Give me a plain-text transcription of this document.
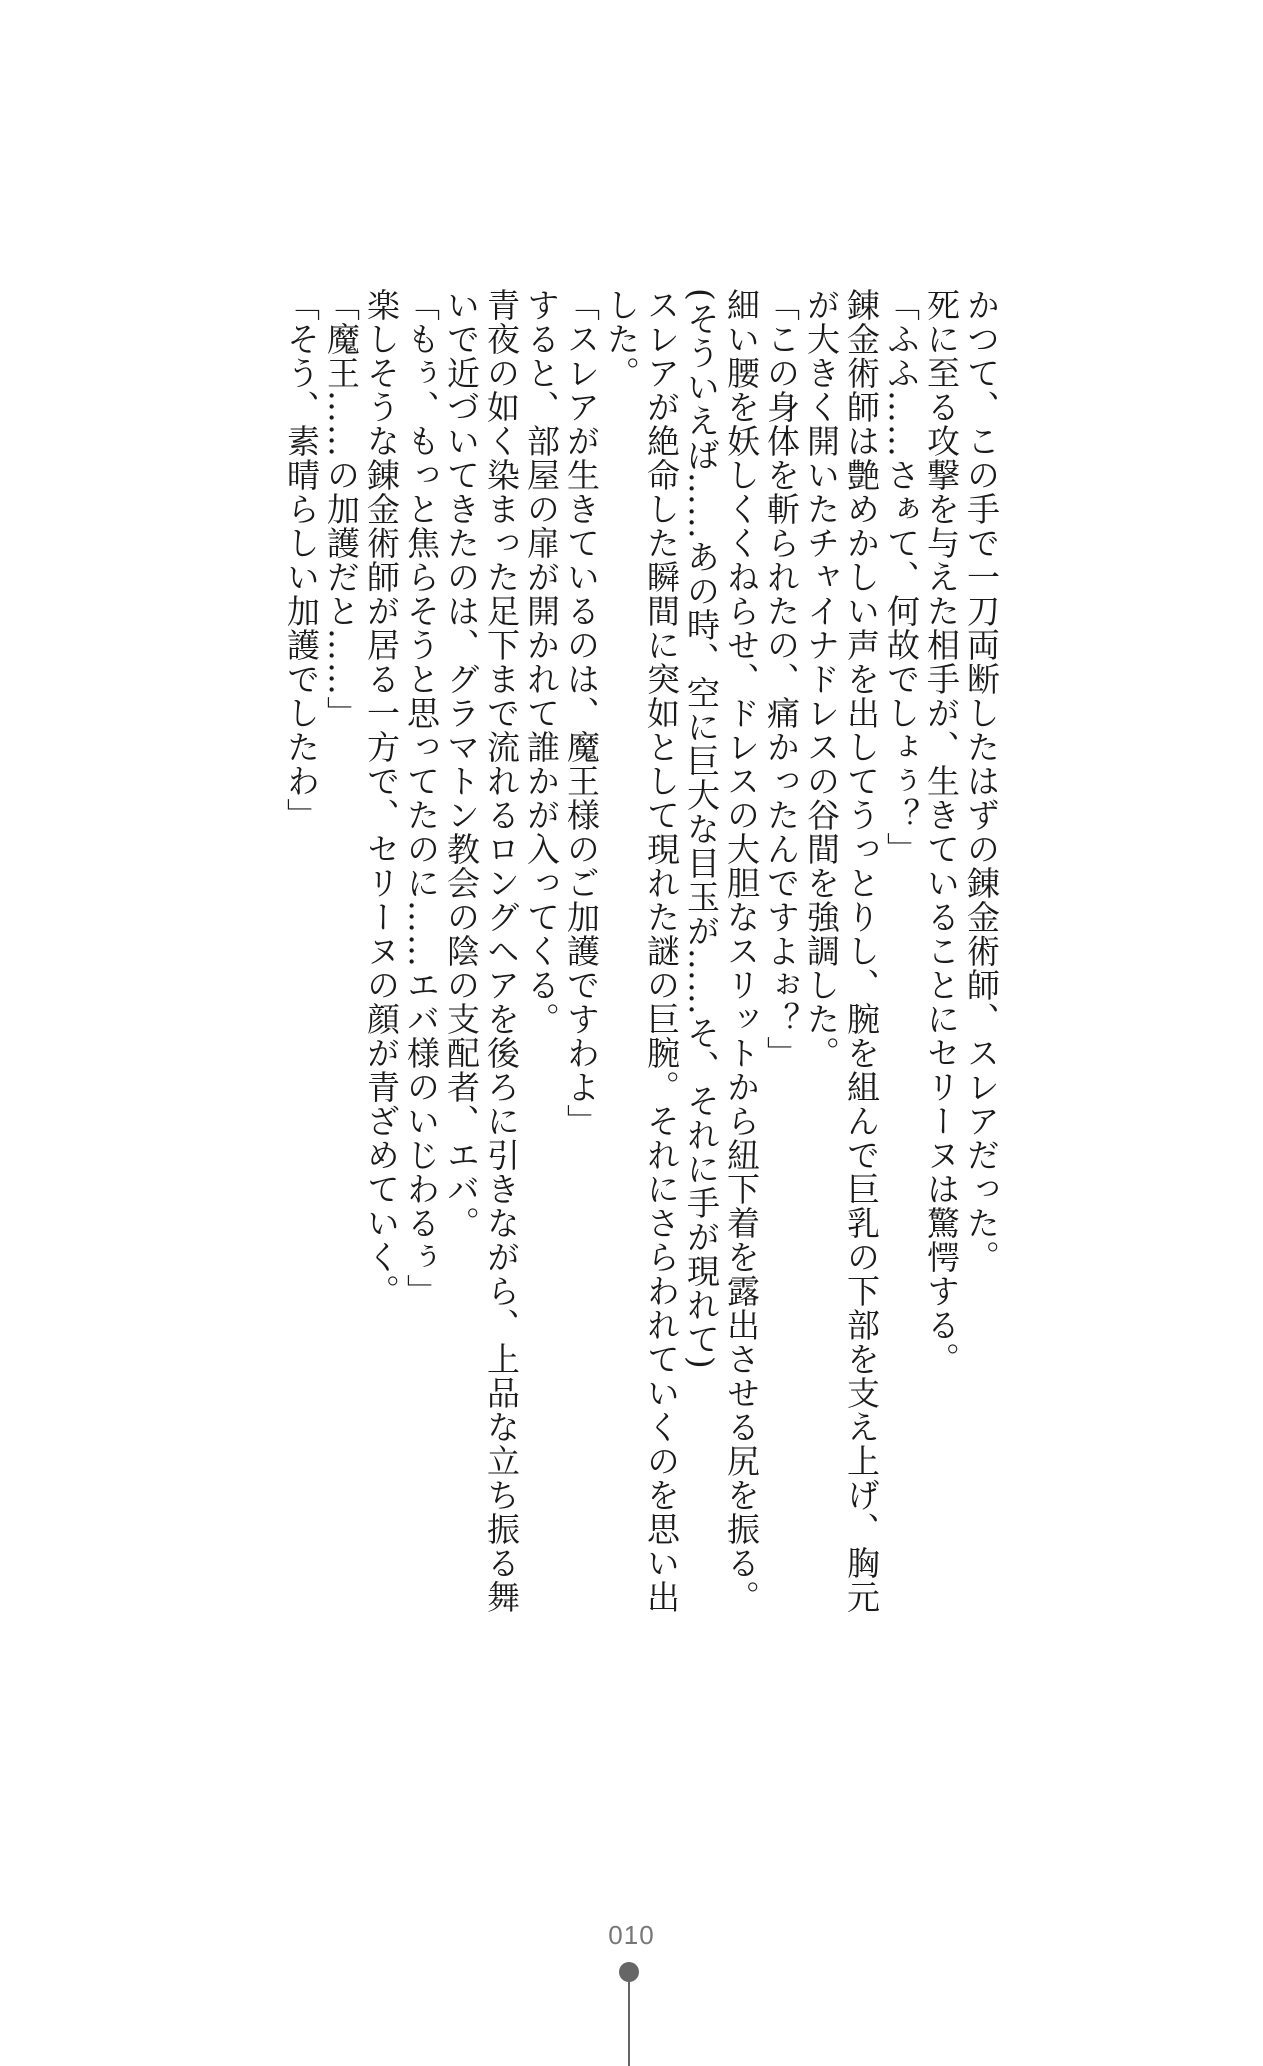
かつて、この手で一刀両断したはずの錬金術師、スレアだった。
死に至る攻撃を与えた相手が、生きていることにセリーヌは驚愕する。
「ふふ……さぁて、何故でしょぅ？」
錬金術師は艶めかしい声を出してうっとりし、腕を組んで巨乳の下部を支え上げ、胸元
が大きく開いたチャイナドレスの谷間を強調した。
「この身体を斬られたの、痛かったんですよぉ？」
細い腰を妖しくくねらせ、ドレスの大胆なスリットから紐下着を露出させる尻を振る。
(そういえば……あの時、空に巨大な目玉が……そ、それに手が現れて)
スレアが絶命した瞬間に突如として現れた謎の巨腕。それにさらわれていくのを思い出
した。
「スレアが生きているのは、魔王様のご加護ですわよ」
すると、部屋の扉が開かれて誰かが入ってくる。
青夜の如く染まった足下まで流れるロングヘアを後ろに引きながら、上品な立ち振る舞
いで近づいてきたのは、グラマトン教会の陰の支配者、エバ。
「もぅ、もっと焦らそうと思ってたのに……エバ様のいじわるぅ」
楽しそうな錬金術師が居る一方で、セリーヌの顔が青ざめていく。
「魔王……の加護だと……」
「そう、素晴らしい加護でしたわ」
010
